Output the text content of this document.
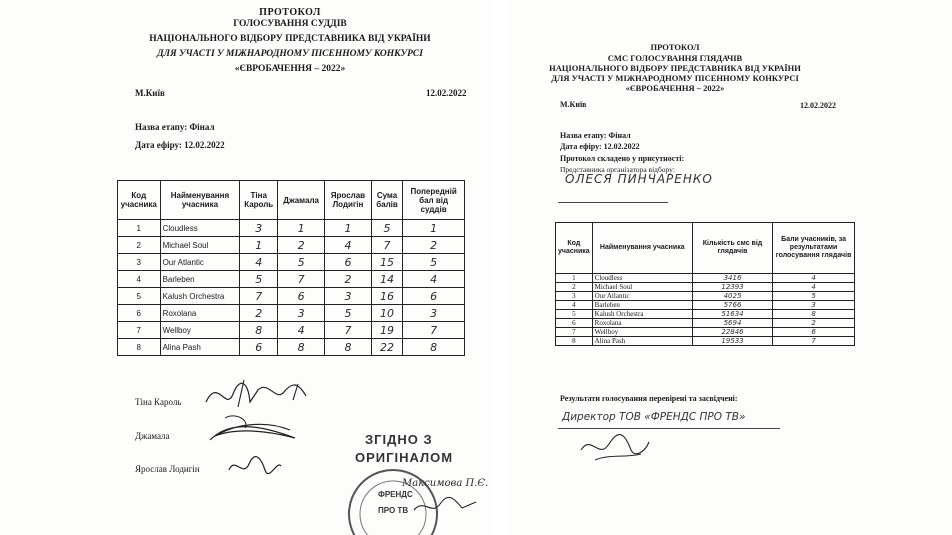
ПРОТОКОЛ
ГОЛОСУВАННЯ СУДДІВ
НАЦІОНАЛЬНОГО ВІДБОРУ ПРЕДСТАВНИКА ВІД УКРАЇНИ
ДЛЯ УЧАСТІ У МІЖНАРОДНОМУ ПІСЕННОМУ КОНКУРСІ
«ЄВРОБАЧЕННЯ – 2022»
М.Київ	12.02.2022
Назва етапу: Фінал
Дата ефіру: 12.02.2022
Код учасника	Найменування учасника	Тіна Кароль	Джамала	Ярослав Лодигін	Сума балів	Попередній бал від суддів
1	Cloudless	3	1	1	5	1
2	Michael Soul	1	2	4	7	2
3	Our Atlantic	4	5	6	15	5
4	Barleben	5	7	2	14	4
5	Kalush Orchestra	7	6	3	16	6
6	Roxolana	2	3	5	10	3
7	Wellboy	8	4	7	19	7
8	Alina Pash	6	8	8	22	8
Тіна Кароль
Джамала
Ярослав Лодигін
ЗГІДНО З
ОРИГІНАЛОМ
ФРЕНДС
ПРО ТВ
Максимова П.Є.
ПРОТОКОЛ
СМС ГОЛОСУВАННЯ ГЛЯДАЧІВ
НАЦІОНАЛЬНОГО ВІДБОРУ ПРЕДСТАВНИКА ВІД УКРАЇНИ
ДЛЯ УЧАСТІ У МІЖНАРОДНОМУ ПІСЕННОМУ КОНКУРСІ
«ЄВРОБАЧЕННЯ – 2022»
М.Київ	12.02.2022
Назва етапу: Фінал
Дата ефіру: 12.02.2022
Протокол складено у присутності:
Представника організатора відбору:
ОЛЕСЯ ПИНЧАРЕНКО
Код учасника	Найменування учасника	Кількість смс від глядачів	Бали учасників, за результатами голосування глядачів
1	Cloudless	3416	4
2	Michael Soul	12393	4
3	Our Atlantic	4025	5
4	Barleben	5766	3
5	Kalush Orchestra	51634	8
6	Roxolana	5694	2
7	Wellboy	22846	6
8	Alina Pash	19533	7
Результати голосування перевірені та засвідчені:
Директор ТОВ «ФРЕНДС ПРО ТВ»
